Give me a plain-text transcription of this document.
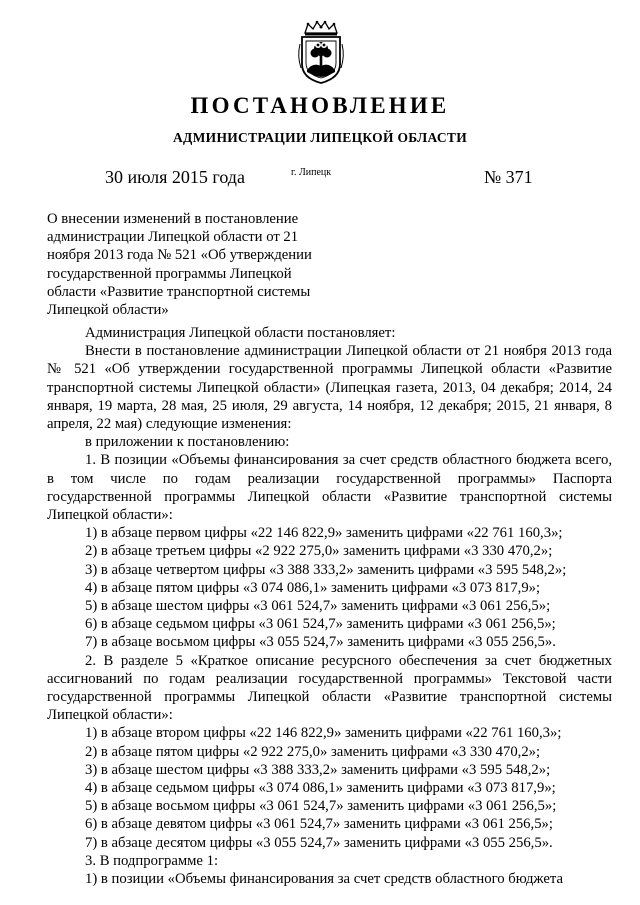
ПОСТАНОВЛЕНИЕ
АДМИНИСТРАЦИИ ЛИПЕЦКОЙ ОБЛАСТИ
30 июля 2015 года	г. Липецк	№ 371

О внесении изменений в постановление

администрации Липецкой области от 21

ноября 2013 года № 521 «Об утверждении

государственной программы Липецкой

области «Развитие транспортной системы

Липецкой области»

Администрация Липецкой области постановляет:

Внести в постановление администрации Липецкой области от 21 ноября 2013 года № 521 «Об утверждении государственной программы Липецкой области «Развитие транспортной системы Липецкой области» (Липецкая газета, 2013, 04 декабря; 2014, 24 января, 19 марта, 28 мая, 25 июля, 29 августа, 14 ноября, 12 декабря; 2015, 21 января, 8 апреля, 22 мая) следующие изменения:

в приложении к постановлению:

1. В позиции «Объемы финансирования за счет средств областного бюджета всего, в том числе по годам реализации государственной программы» Паспорта государственной программы Липецкой области «Развитие транспортной системы Липецкой области»:

1) в абзаце первом цифры «22 146 822,9» заменить цифрами «22 761 160,3»;

2) в абзаце третьем цифры «2 922 275,0» заменить цифрами «3 330 470,2»;

3) в абзаце четвертом цифры «3 388 333,2» заменить цифрами «3 595 548,2»;

4) в абзаце пятом цифры «3 074 086,1» заменить цифрами «3 073 817,9»;

5) в абзаце шестом цифры «3 061 524,7» заменить цифрами «3 061 256,5»;

6) в абзаце седьмом цифры «3 061 524,7» заменить цифрами «3 061 256,5»;

7) в абзаце восьмом цифры «3 055 524,7» заменить цифрами «3 055 256,5».

2. В разделе 5 «Краткое описание ресурсного обеспечения за счет бюджетных ассигнований по годам реализации государственной программы» Текстовой части государственной программы Липецкой области «Развитие транспортной системы Липецкой области»:

1) в абзаце втором цифры «22 146 822,9» заменить цифрами «22 761 160,3»;

2) в абзаце пятом цифры «2 922 275,0» заменить цифрами «3 330 470,2»;

3) в абзаце шестом цифры «3 388 333,2» заменить цифрами «3 595 548,2»;

4) в абзаце седьмом цифры «3 074 086,1» заменить цифрами «3 073 817,9»;

5) в абзаце восьмом цифры «3 061 524,7» заменить цифрами «3 061 256,5»;

6) в абзаце девятом цифры «3 061 524,7» заменить цифрами «3 061 256,5»;

7) в абзаце десятом цифры «3 055 524,7» заменить цифрами «3 055 256,5».

3. В подпрограмме 1:

1) в позиции «Объемы финансирования за счет средств областного бюджета
